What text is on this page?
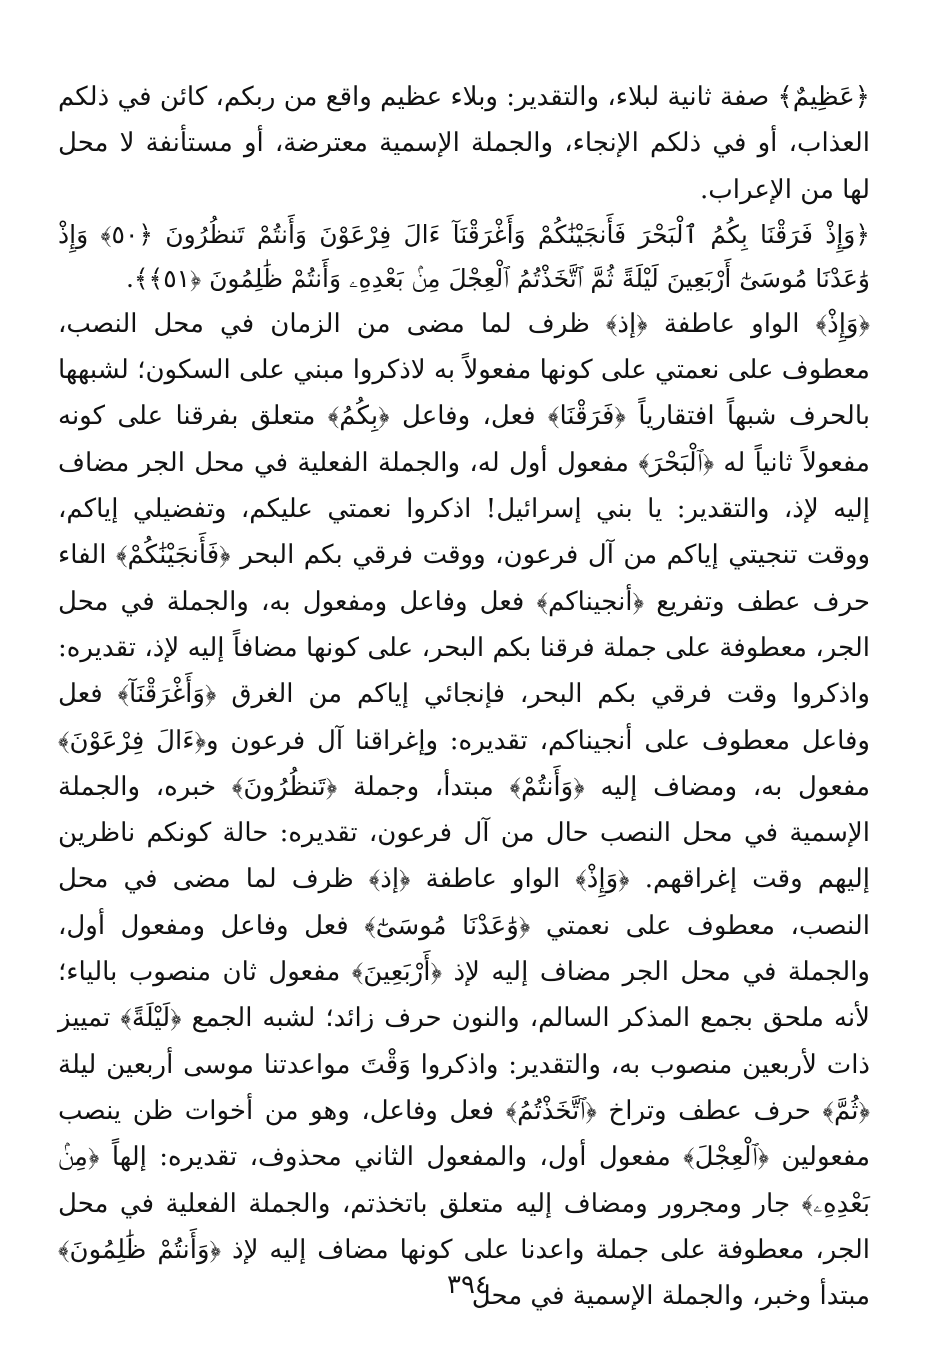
﴿عَظِيمٌ﴾ صفة ثانية لبلاء، والتقدير: وبلاء عظيم واقع من ربكم، كائن في ذلكم العذاب، أو في ذلكم الإنجاء، والجملة الإسمية معترضة، أو مستأنفة لا محل لها من الإعراب.

﴿وَإِذْ فَرَقْنَا بِكُمُ ٱلْبَحْرَ فَأَنجَيْنَٰكُمْ وَأَغْرَقْنَآ ءَالَ فِرْعَوْنَ وَأَنتُمْ تَنظُرُونَ ﴿٥٠﴾ وَإِذْ وَٰعَدْنَا مُوسَىٰٓ أَرْبَعِينَ لَيْلَةً ثُمَّ ٱتَّخَذْتُمُ ٱلْعِجْلَ مِنۢ بَعْدِهِۦ وَأَنتُمْ ظَٰلِمُونَ ﴿٥١﴾﴾.

﴿وَإِذْ﴾ الواو عاطفة ﴿إذ﴾ ظرف لما مضى من الزمان في محل النصب، معطوف على نعمتي على كونها مفعولاً به لاذكروا مبني على السكون؛ لشبهها بالحرف شبهاً افتقارياً ﴿فَرَقْنَا﴾ فعل، وفاعل ﴿بِكُمُ﴾ متعلق بفرقنا على كونه مفعولاً ثانياً له ﴿ٱلْبَحْرَ﴾ مفعول أول له، والجملة الفعلية في محل الجر مضاف إليه لإذ، والتقدير: يا بني إسرائيل! اذكروا نعمتي عليكم، وتفضيلي إياكم، ووقت تنجيتي إياكم من آل فرعون، ووقت فرقي بكم البحر ﴿فَأَنجَيْنَٰكُمْ﴾ الفاء حرف عطف وتفريع ﴿أنجيناكم﴾ فعل وفاعل ومفعول به، والجملة في محل الجر، معطوفة على جملة فرقنا بكم البحر، على كونها مضافاً إليه لإذ، تقديره: واذكروا وقت فرقي بكم البحر، فإنجائي إياكم من الغرق ﴿وَأَغْرَقْنَآ﴾ فعل وفاعل معطوف على أنجيناكم، تقديره: وإغراقنا آل فرعون و﴿ءَالَ فِرْعَوْنَ﴾ مفعول به، ومضاف إليه ﴿وَأَنتُمْ﴾ مبتدأ، وجملة ﴿تَنظُرُونَ﴾ خبره، والجملة الإسمية في محل النصب حال من آل فرعون، تقديره: حالة كونكم ناظرين إليهم وقت إغراقهم. ﴿وَإِذْ﴾ الواو عاطفة ﴿إذ﴾ ظرف لما مضى في محل النصب، معطوف على نعمتي ﴿وَٰعَدْنَا مُوسَىٰٓ﴾ فعل وفاعل ومفعول أول، والجملة في محل الجر مضاف إليه لإذ ﴿أَرْبَعِينَ﴾ مفعول ثان منصوب بالياء؛ لأنه ملحق بجمع المذكر السالم، والنون حرف زائد؛ لشبه الجمع ﴿لَيْلَةً﴾ تمييز ذات لأربعين منصوب به، والتقدير: واذكروا وَقْتَ مواعدتنا موسى أربعين ليلة ﴿ثُمَّ﴾ حرف عطف وتراخ ﴿ٱتَّخَذْتُمُ﴾ فعل وفاعل، وهو من أخوات ظن ينصب مفعولين ﴿ٱلْعِجْلَ﴾ مفعول أول، والمفعول الثاني محذوف، تقديره: إلهاً ﴿مِنۢ بَعْدِهِۦ﴾ جار ومجرور ومضاف إليه متعلق باتخذتم، والجملة الفعلية في محل الجر، معطوفة على جملة واعدنا على كونها مضاف إليه لإذ ﴿وَأَنتُمْ ظَٰلِمُونَ﴾ مبتدأ وخبر، والجملة الإسمية في محل

٣٩٤
